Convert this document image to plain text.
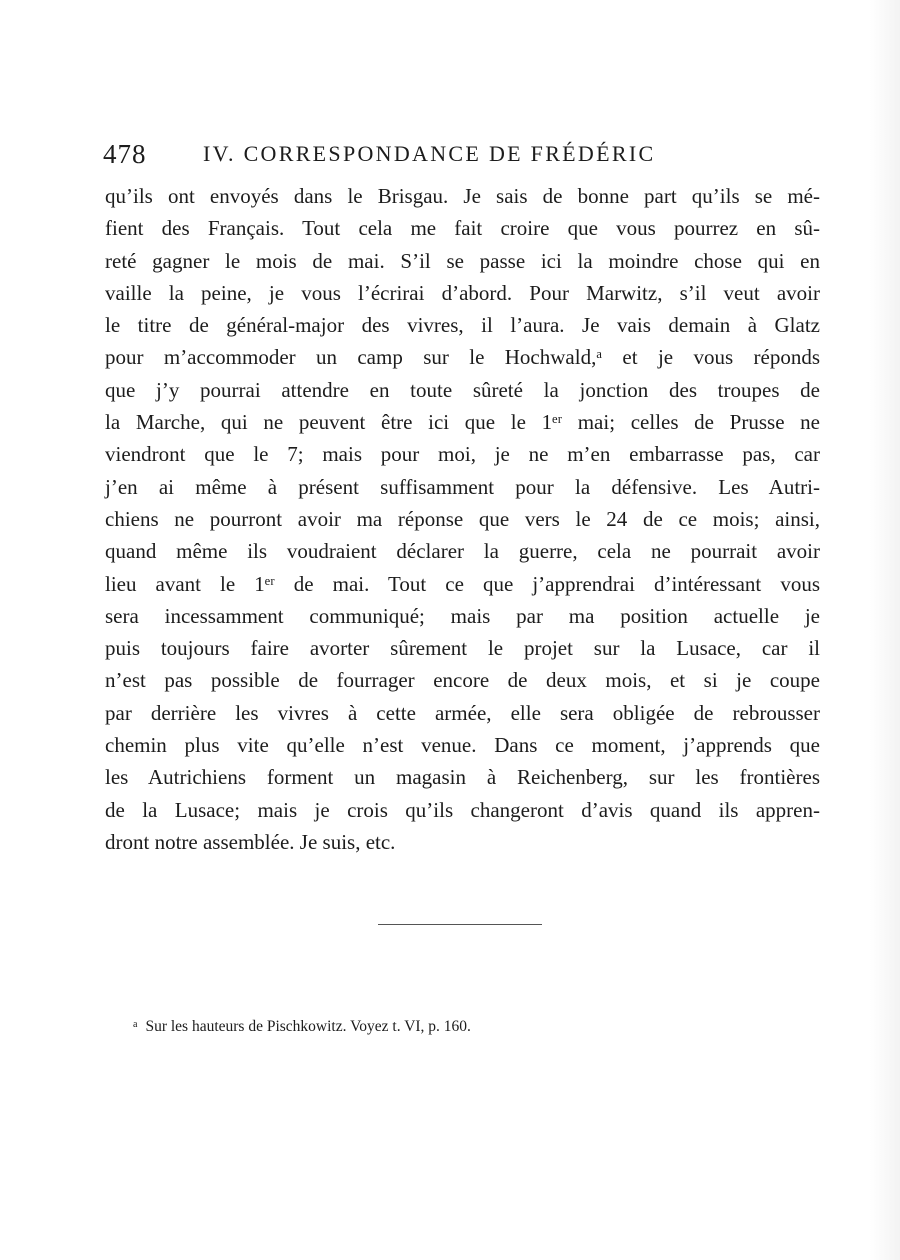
478	IV. CORRESPONDANCE DE FRÉDÉRIC
qu’ils ont envoyés dans le Brisgau. Je sais de bonne part qu’ils se mé-
fient des Français. Tout cela me fait croire que vous pourrez en sû-
reté gagner le mois de mai. S’il se passe ici la moindre chose qui en
vaille la peine, je vous l’écrirai d’abord. Pour Marwitz, s’il veut avoir
le titre de général-major des vivres, il l’aura. Je vais demain à Glatz
pour m’accommoder un camp sur le Hochwald,ᵃ et je vous réponds
que j’y pourrai attendre en toute sûreté la jonction des troupes de
la Marche, qui ne peuvent être ici que le 1ᵉʳ mai; celles de Prusse ne
viendront que le 7; mais pour moi, je ne m’en embarrasse pas, car
j’en ai même à présent suffisamment pour la défensive. Les Autri-
chiens ne pourront avoir ma réponse que vers le 24 de ce mois; ainsi,
quand même ils voudraient déclarer la guerre, cela ne pourrait avoir
lieu avant le 1ᵉʳ de mai. Tout ce que j’apprendrai d’intéressant vous
sera incessamment communiqué; mais par ma position actuelle je
puis toujours faire avorter sûrement le projet sur la Lusace, car il
n’est pas possible de fourrager encore de deux mois, et si je coupe
par derrière les vivres à cette armée, elle sera obligée de rebrousser
chemin plus vite qu’elle n’est venue. Dans ce moment, j’apprends que
les Autrichiens forment un magasin à Reichenberg, sur les frontières
de la Lusace; mais je crois qu’ils changeront d’avis quand ils appren-
dront notre assemblée. Je suis, etc.
$^a$ Sur les hauteurs de Pischkowitz. Voyez t. VI, p. 160.
